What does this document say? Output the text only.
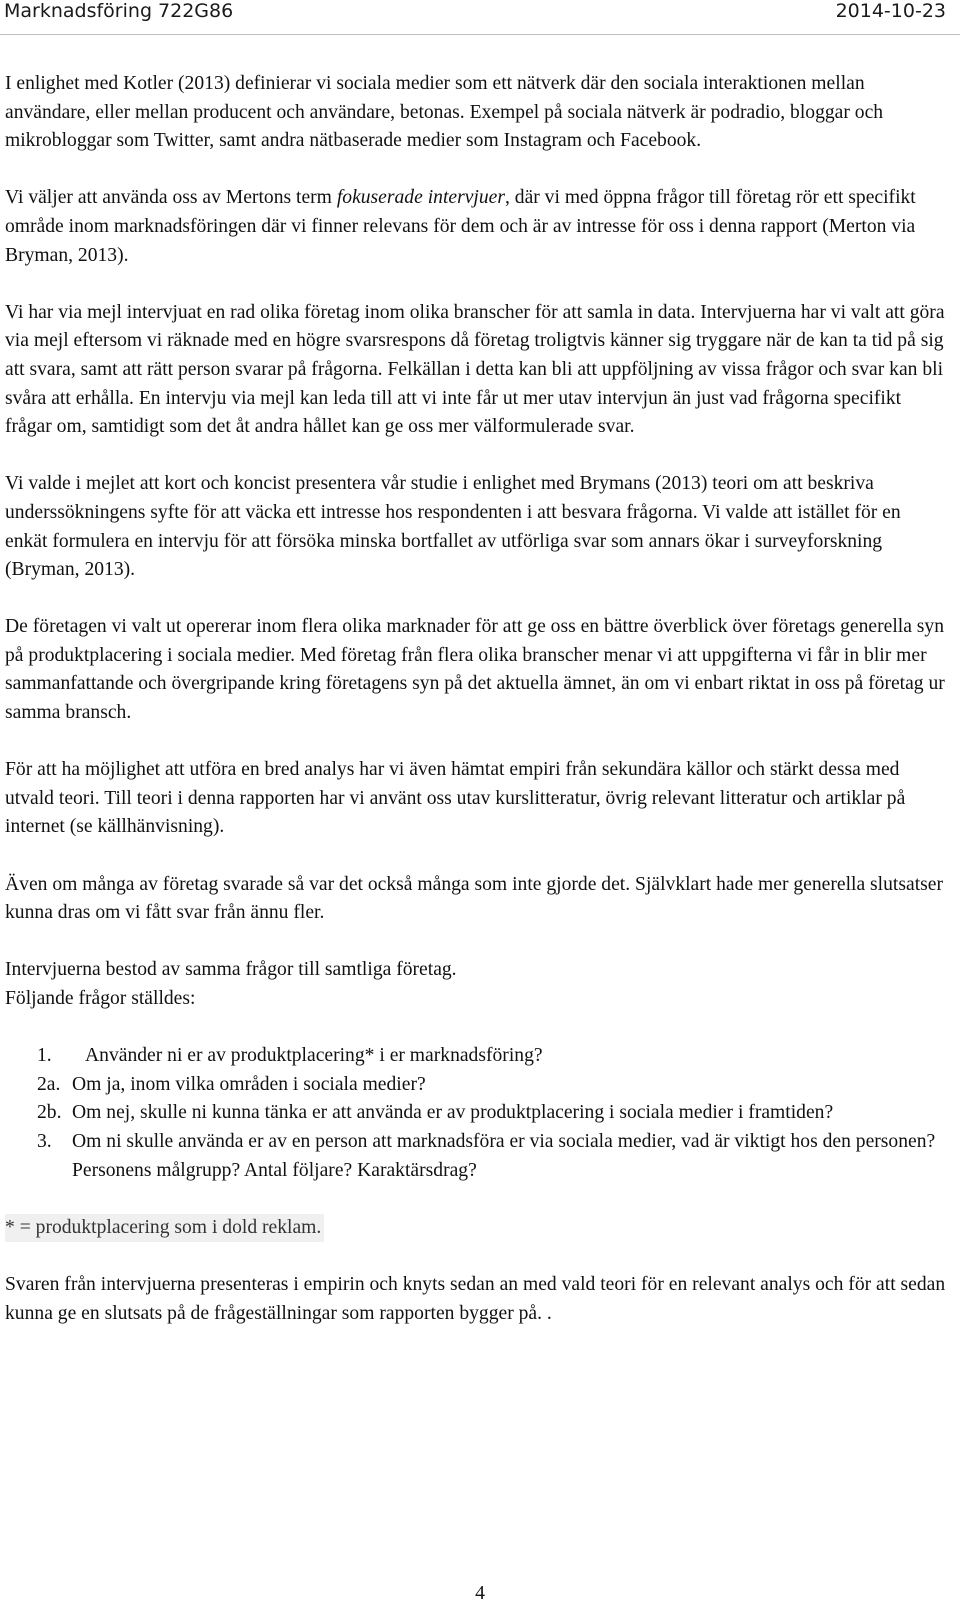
Marknadsföring 722G86	2014-10-23

I enlighet med Kotler (2013) definierar vi sociala medier som ett nätverk där den sociala interaktionen mellan användare, eller mellan producent och användare, betonas. Exempel på sociala nätverk är podradio, bloggar och mikrobloggar som Twitter, samt andra nätbaserade medier som Instagram och Facebook.

Vi väljer att använda oss av Mertons term fokuserade intervjuer, där vi med öppna frågor till företag rör ett specifikt område inom marknadsföringen där vi finner relevans för dem och är av intresse för oss i denna rapport (Merton via Bryman, 2013).

Vi har via mejl intervjuat en rad olika företag inom olika branscher för att samla in data. Intervjuerna har vi valt att göra via mejl eftersom vi räknade med en högre svarsrespons då företag troligtvis känner sig tryggare när de kan ta tid på sig att svara, samt att rätt person svarar på frågorna. Felkällan i detta kan bli att uppföljning av vissa frågor och svar kan bli svåra att erhålla. En intervju via mejl kan leda till att vi inte får ut mer utav intervjun än just vad frågorna specifikt frågar om, samtidigt som det åt andra hållet kan ge oss mer välformulerade svar.

Vi valde i mejlet att kort och koncist presentera vår studie i enlighet med Brymans (2013) teori om att beskriva underssökningens syfte för att väcka ett intresse hos respondenten i att besvara frågorna. Vi valde att istället för en enkät formulera en intervju för att försöka minska bortfallet av utförliga svar som annars ökar i surveyforskning (Bryman, 2013).

De företagen vi valt ut opererar inom flera olika marknader för att ge oss en bättre överblick över företags generella syn på produktplacering i sociala medier. Med företag från flera olika branscher menar vi att uppgifterna vi får in blir mer sammanfattande och övergripande kring företagens syn på det aktuella ämnet, än om vi enbart riktat in oss på företag ur samma bransch.

För att ha möjlighet att utföra en bred analys har vi även hämtat empiri från sekundära källor och stärkt dessa med utvald teori. Till teori i denna rapporten har vi använt oss utav kurslitteratur, övrig relevant litteratur och artiklar på internet (se källhänvisning).

Även om många av företag svarade så var det också många som inte gjorde det. Självklart hade mer generella slutsatser kunna dras om vi fått svar från ännu fler.

Intervjuerna bestod av samma frågor till samtliga företag.
Följande frågor ställdes:

1.	Använder ni er av produktplacering* i er marknadsföring?
2a. Om ja, inom vilka områden i sociala medier?
2b. Om nej, skulle ni kunna tänka er att använda er av produktplacering i sociala medier i framtiden?
3.	Om ni skulle använda er av en person att marknadsföra er via sociala medier, vad är viktigt hos den personen? Personens målgrupp? Antal följare? Karaktärsdrag?
* = produktplacering som i dold reklam.

Svaren från intervjuerna presenteras i empirin och knyts sedan an med vald teori för en relevant analys och för att sedan kunna ge en slutsats på de frågeställningar som rapporten bygger på. .

4
